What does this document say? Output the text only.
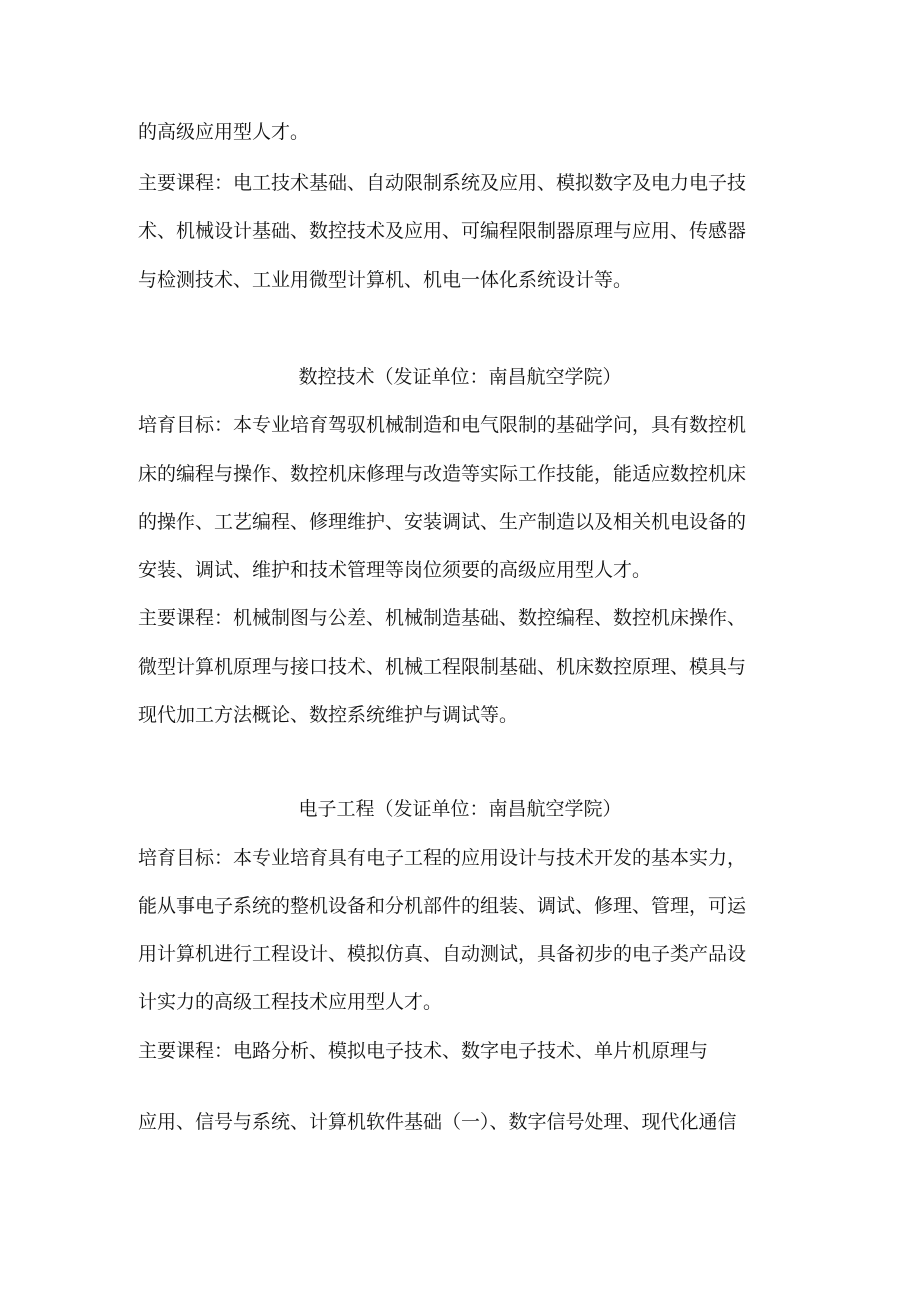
的高级应用型人才。
主要课程：电工技术基础、自动限制系统及应用、模拟数字及电力电子技
术、机械设计基础、数控技术及应用、可编程限制器原理与应用、传感器
与检测技术、工业用微型计算机、机电一体化系统设计等。
数控技术（发证单位：南昌航空学院）
培育目标：本专业培育驾驭机械制造和电气限制的基础学问，具有数控机
床的编程与操作、数控机床修理与改造等实际工作技能，能适应数控机床
的操作、工艺编程、修理维护、安装调试、生产制造以及相关机电设备的
安装、调试、维护和技术管理等岗位须要的高级应用型人才。
主要课程：机械制图与公差、机械制造基础、数控编程、数控机床操作、
微型计算机原理与接口技术、机械工程限制基础、机床数控原理、模具与
现代加工方法概论、数控系统维护与调试等。
电子工程（发证单位：南昌航空学院）
培育目标：本专业培育具有电子工程的应用设计与技术开发的基本实力，
能从事电子系统的整机设备和分机部件的组装、调试、修理、管理，可运
用计算机进行工程设计、模拟仿真、自动测试，具备初步的电子类产品设
计实力的高级工程技术应用型人才。
主要课程：电路分析、模拟电子技术、数字电子技术、单片机原理与
应用、信号与系统、计算机软件基础（一）、数字信号处理、现代化通信
